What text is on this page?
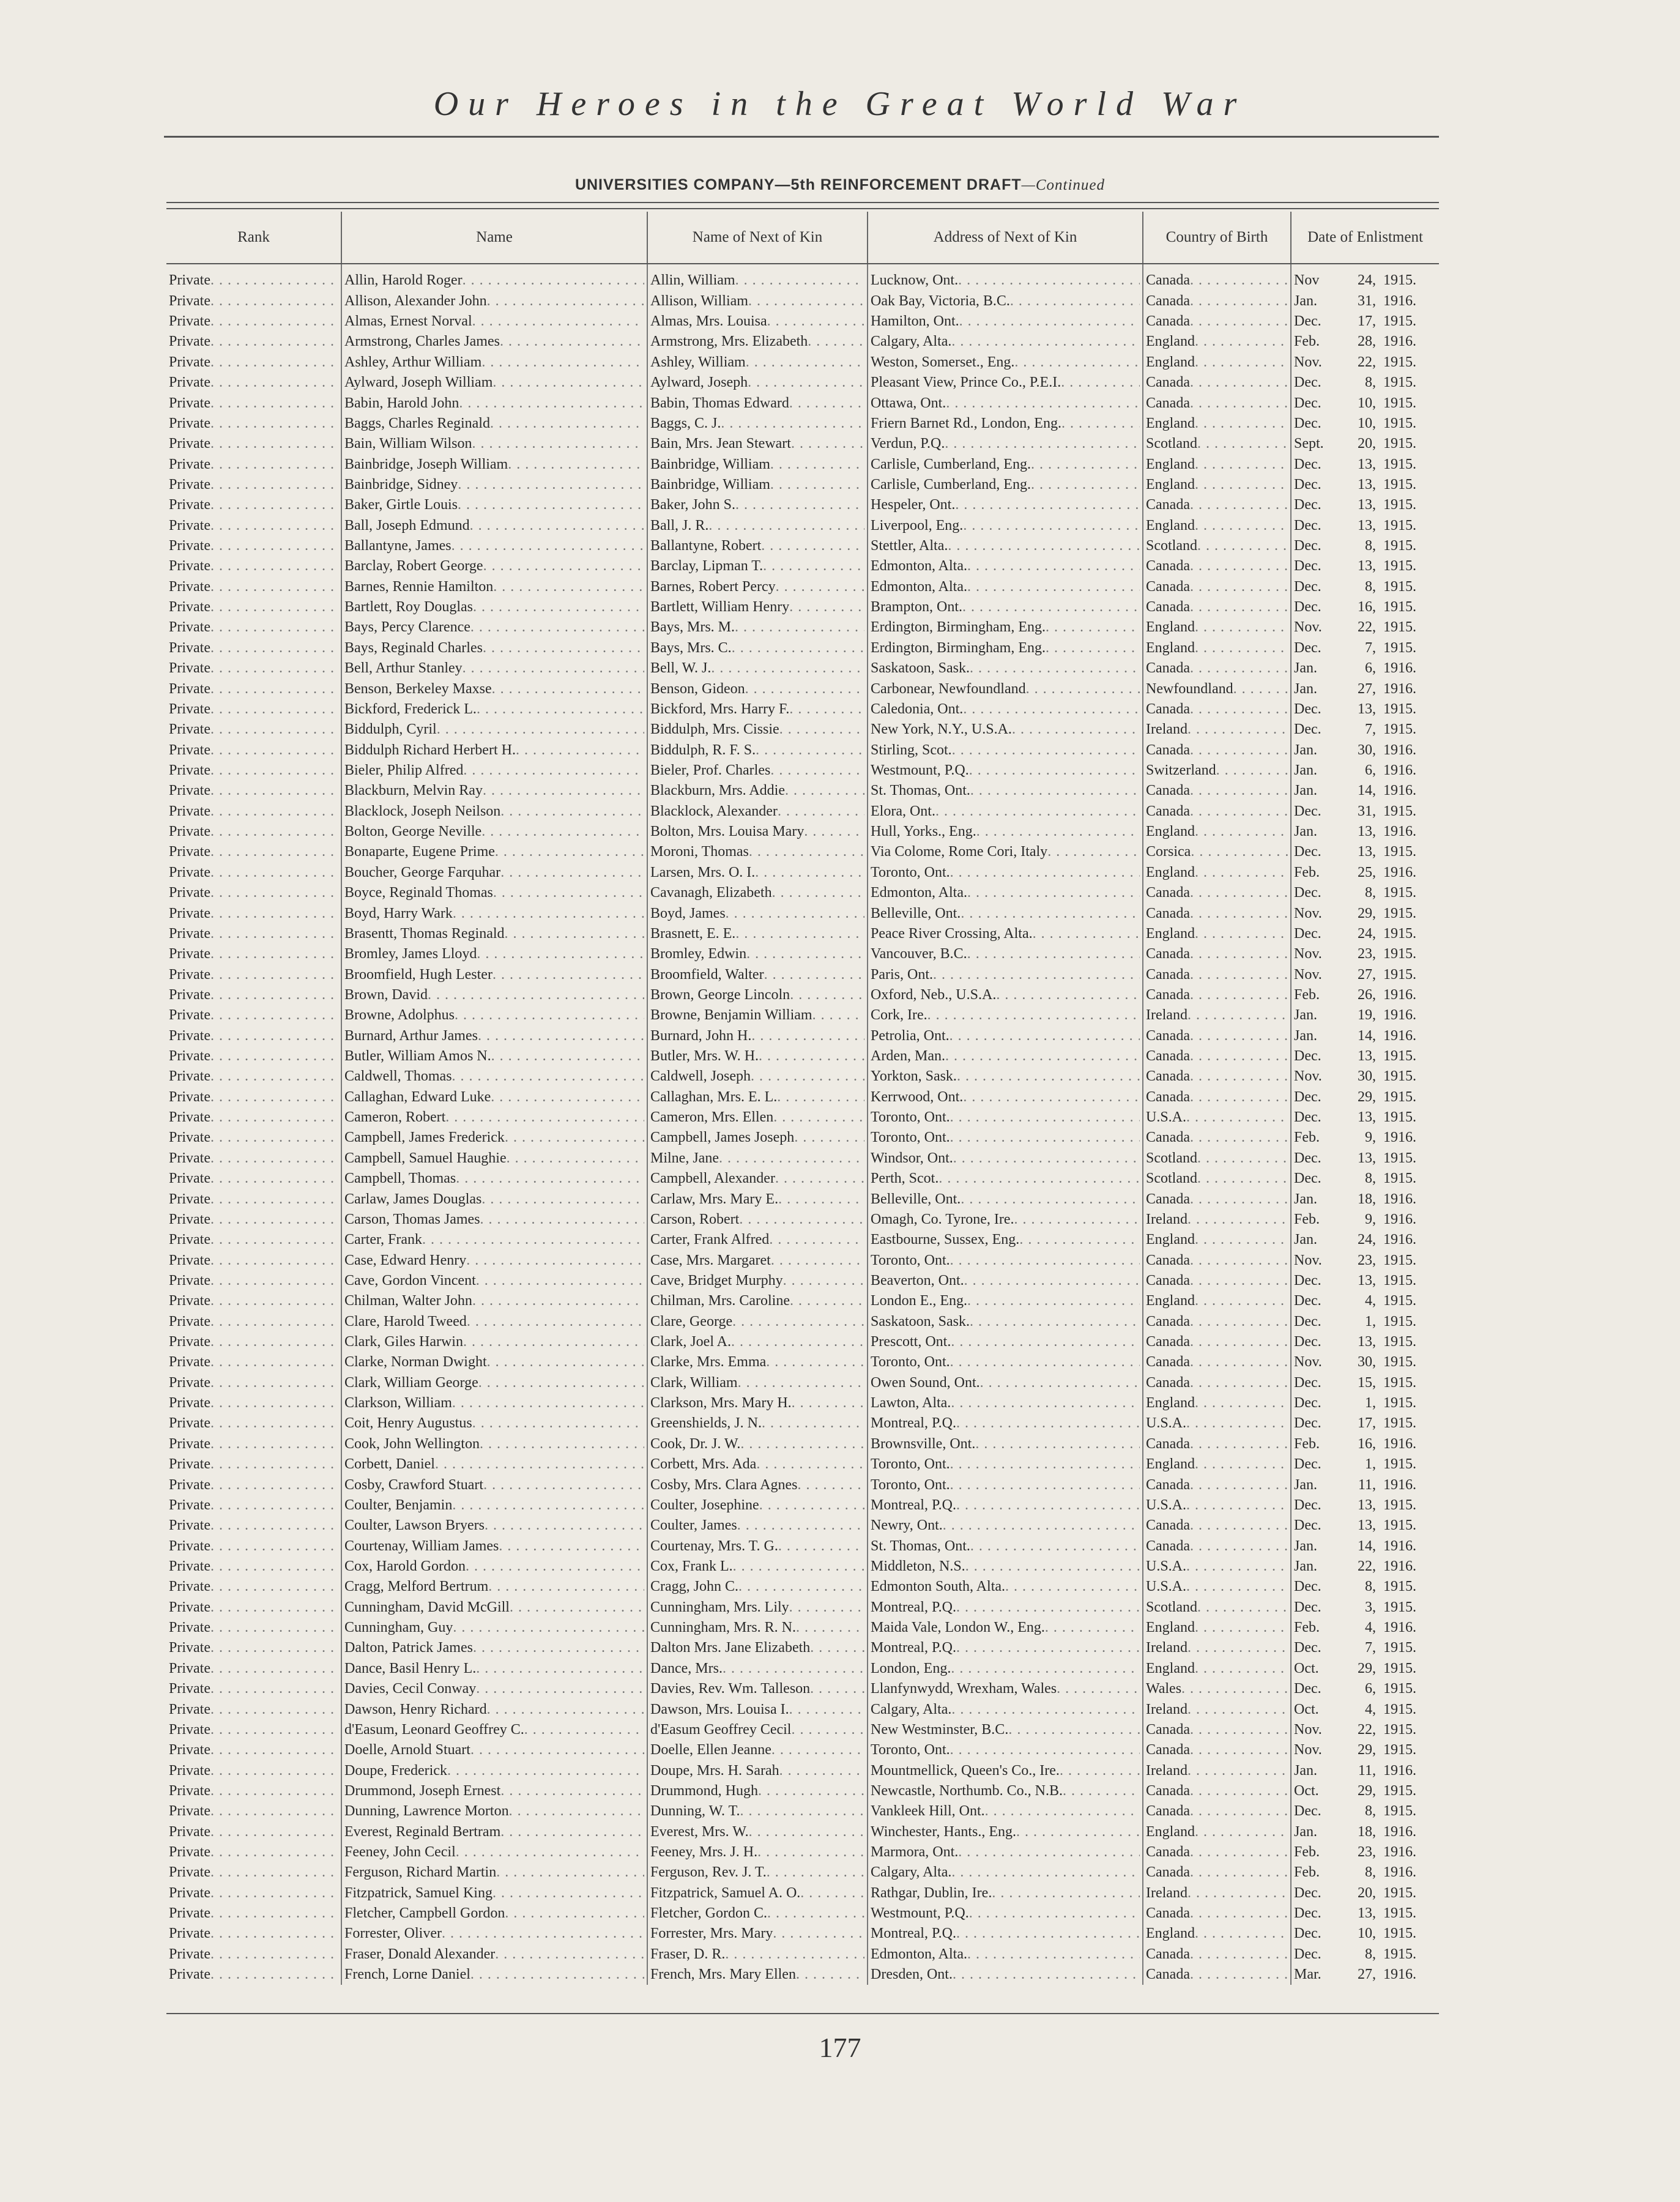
Our Heroes in the Great World War
UNIVERSITIES COMPANY—5th REINFORCEMENT DRAFT—Continued
Rank	Name	Name of Next of Kin	Address of Next of Kin	Country of Birth	Date of Enlistment

Private
. . .	Allin, Harold Roger
. . .	Allin, William
. . .	Lucknow, Ont.
. . .	Canada
. . .	Nov 24, 1915.

Private
. . .	Allison, Alexander John
. . .	Allison, William
. . .	Oak Bay, Victoria, B.C.
. . .	Canada
. . .	Jan. 31, 1916.

Private
. . .	Almas, Ernest Norval
. . .	Almas, Mrs. Louisa
. . .	Hamilton, Ont.
. . .	Canada
. . .	Dec. 17, 1915.

Private
. . .	Armstrong, Charles James
. . .	Armstrong, Mrs. Elizabeth
. . .	Calgary, Alta.
. . .	England
. . .	Feb. 28, 1916.

Private
. . .	Ashley, Arthur William
. . .	Ashley, William
. . .	Weston, Somerset., Eng.
. . .	England
. . .	Nov. 22, 1915.

Private
. . .	Aylward, Joseph William
. . .	Aylward, Joseph
. . .	Pleasant View, Prince Co., P.E.I.
. . .	Canada
. . .	Dec. 8, 1915.

Private
. . .	Babin, Harold John
. . .	Babin, Thomas Edward
. . .	Ottawa, Ont.
. . .	Canada
. . .	Dec. 10, 1915.

Private
. . .	Baggs, Charles Reginald
. . .	Baggs, C. J.
. . .	Friern Barnet Rd., London, Eng.
. . .	England
. . .	Dec. 10, 1915.

Private
. . .	Bain, William Wilson
. . .	Bain, Mrs. Jean Stewart
. . .	Verdun, P.Q.
. . .	Scotland
. . .	Sept. 20, 1915.

Private
. . .	Bainbridge, Joseph William
. . .	Bainbridge, William
. . .	Carlisle, Cumberland, Eng.
. . .	England
. . .	Dec. 13, 1915.

Private
. . .	Bainbridge, Sidney
. . .	Bainbridge, William
. . .	Carlisle, Cumberland, Eng.
. . .	England
. . .	Dec. 13, 1915.

Private
. . .	Baker, Girtle Louis
. . .	Baker, John S.
. . .	Hespeler, Ont.
. . .	Canada
. . .	Dec. 13, 1915.

Private
. . .	Ball, Joseph Edmund
. . .	Ball, J. R.
. . .	Liverpool, Eng.
. . .	England
. . .	Dec. 13, 1915.

Private
. . .	Ballantyne, James
. . .	Ballantyne, Robert
. . .	Stettler, Alta.
. . .	Scotland
. . .	Dec. 8, 1915.

Private
. . .	Barclay, Robert George
. . .	Barclay, Lipman T.
. . .	Edmonton, Alta.
. . .	Canada
. . .	Dec. 13, 1915.

Private
. . .	Barnes, Rennie Hamilton
. . .	Barnes, Robert Percy
. . .	Edmonton, Alta.
. . .	Canada
. . .	Dec. 8, 1915.

Private
. . .	Bartlett, Roy Douglas
. . .	Bartlett, William Henry
. . .	Brampton, Ont.
. . .	Canada
. . .	Dec. 16, 1915.

Private
. . .	Bays, Percy Clarence
. . .	Bays, Mrs. M.
. . .	Erdington, Birmingham, Eng.
. . .	England
. . .	Nov. 22, 1915.

Private
. . .	Bays, Reginald Charles
. . .	Bays, Mrs. C.
. . .	Erdington, Birmingham, Eng.
. . .	England
. . .	Dec. 7, 1915.

Private
. . .	Bell, Arthur Stanley
. . .	Bell, W. J.
. . .	Saskatoon, Sask.
. . .	Canada
. . .	Jan. 6, 1916.

Private
. . .	Benson, Berkeley Maxse
. . .	Benson, Gideon
. . .	Carbonear, Newfoundland
. . .	Newfoundland
. . .	Jan. 27, 1916.

Private
. . .	Bickford, Frederick L.
. . .	Bickford, Mrs. Harry F.
. . .	Caledonia, Ont.
. . .	Canada
. . .	Dec. 13, 1915.

Private
. . .	Biddulph, Cyril
. . .	Biddulph, Mrs. Cissie
. . .	New York, N.Y., U.S.A.
. . .	Ireland
. . .	Dec. 7, 1915.

Private
. . .	Biddulph Richard Herbert H.
. . .	Biddulph, R. F. S.
. . .	Stirling, Scot.
. . .	Canada
. . .	Jan. 30, 1916.

Private
. . .	Bieler, Philip Alfred
. . .	Bieler, Prof. Charles
. . .	Westmount, P.Q.
. . .	Switzerland
. . .	Jan. 6, 1916.

Private
. . .	Blackburn, Melvin Ray
. . .	Blackburn, Mrs. Addie
. . .	St. Thomas, Ont.
. . .	Canada
. . .	Jan. 14, 1916.

Private
. . .	Blacklock, Joseph Neilson
. . .	Blacklock, Alexander
. . .	Elora, Ont.
. . .	Canada
. . .	Dec. 31, 1915.

Private
. . .	Bolton, George Neville
. . .	Bolton, Mrs. Louisa Mary
. . .	Hull, Yorks., Eng.
. . .	England
. . .	Jan. 13, 1916.

Private
. . .	Bonaparte, Eugene Prime
. . .	Moroni, Thomas
. . .	Via Colome, Rome Cori, Italy
. . .	Corsica
. . .	Dec. 13, 1915.

Private
. . .	Boucher, George Farquhar
. . .	Larsen, Mrs. O. I.
. . .	Toronto, Ont.
. . .	England
. . .	Feb. 25, 1916.

Private
. . .	Boyce, Reginald Thomas
. . .	Cavanagh, Elizabeth
. . .	Edmonton, Alta.
. . .	Canada
. . .	Dec. 8, 1915.

Private
. . .	Boyd, Harry Wark
. . .	Boyd, James
. . .	Belleville, Ont.
. . .	Canada
. . .	Nov. 29, 1915.

Private
. . .	Brasentt, Thomas Reginald
. . .	Brasnett, E. E.
. . .	Peace River Crossing, Alta.
. . .	England
. . .	Dec. 24, 1915.

Private
. . .	Bromley, James Lloyd
. . .	Bromley, Edwin
. . .	Vancouver, B.C.
. . .	Canada
. . .	Nov. 23, 1915.

Private
. . .	Broomfield, Hugh Lester
. . .	Broomfield, Walter
. . .	Paris, Ont.
. . .	Canada
. . .	Nov. 27, 1915.

Private
. . .	Brown, David
. . .	Brown, George Lincoln
. . .	Oxford, Neb., U.S.A.
. . .	Canada
. . .	Feb. 26, 1916.

Private
. . .	Browne, Adolphus
. . .	Browne, Benjamin William
. . .	Cork, Ire.
. . .	Ireland
. . .	Jan. 19, 1916.

Private
. . .	Burnard, Arthur James
. . .	Burnard, John H.
. . .	Petrolia, Ont.
. . .	Canada
. . .	Jan. 14, 1916.

Private
. . .	Butler, William Amos N.
. . .	Butler, Mrs. W. H.
. . .	Arden, Man.
. . .	Canada
. . .	Dec. 13, 1915.

Private
. . .	Caldwell, Thomas
. . .	Caldwell, Joseph
. . .	Yorkton, Sask.
. . .	Canada
. . .	Nov. 30, 1915.

Private
. . .	Callaghan, Edward Luke
. . .	Callaghan, Mrs. E. L.
. . .	Kerrwood, Ont.
. . .	Canada
. . .	Dec. 29, 1915.

Private
. . .	Cameron, Robert
. . .	Cameron, Mrs. Ellen
. . .	Toronto, Ont.
. . .	U.S.A.
. . .	Dec. 13, 1915.

Private
. . .	Campbell, James Frederick
. . .	Campbell, James Joseph
. . .	Toronto, Ont.
. . .	Canada
. . .	Feb. 9, 1916.

Private
. . .	Campbell, Samuel Haughie
. . .	Milne, Jane
. . .	Windsor, Ont.
. . .	Scotland
. . .	Dec. 13, 1915.

Private
. . .	Campbell, Thomas
. . .	Campbell, Alexander
. . .	Perth, Scot.
. . .	Scotland
. . .	Dec. 8, 1915.

Private
. . .	Carlaw, James Douglas
. . .	Carlaw, Mrs. Mary E.
. . .	Belleville, Ont.
. . .	Canada
. . .	Jan. 18, 1916.

Private
. . .	Carson, Thomas James
. . .	Carson, Robert
. . .	Omagh, Co. Tyrone, Ire.
. . .	Ireland
. . .	Feb. 9, 1916.

Private
. . .	Carter, Frank
. . .	Carter, Frank Alfred
. . .	Eastbourne, Sussex, Eng.
. . .	England
. . .	Jan. 24, 1916.

Private
. . .	Case, Edward Henry
. . .	Case, Mrs. Margaret
. . .	Toronto, Ont.
. . .	Canada
. . .	Nov. 23, 1915.

Private
. . .	Cave, Gordon Vincent
. . .	Cave, Bridget Murphy
. . .	Beaverton, Ont.
. . .	Canada
. . .	Dec. 13, 1915.

Private
. . .	Chilman, Walter John
. . .	Chilman, Mrs. Caroline
. . .	London E., Eng.
. . .	England
. . .	Dec. 4, 1915.

Private
. . .	Clare, Harold Tweed
. . .	Clare, George
. . .	Saskatoon, Sask.
. . .	Canada
. . .	Dec. 1, 1915.

Private
. . .	Clark, Giles Harwin
. . .	Clark, Joel A.
. . .	Prescott, Ont.
. . .	Canada
. . .	Dec. 13, 1915.

Private
. . .	Clarke, Norman Dwight
. . .	Clarke, Mrs. Emma
. . .	Toronto, Ont.
. . .	Canada
. . .	Nov. 30, 1915.

Private
. . .	Clark, William George
. . .	Clark, William
. . .	Owen Sound, Ont.
. . .	Canada
. . .	Dec. 15, 1915.

Private
. . .	Clarkson, William
. . .	Clarkson, Mrs. Mary H.
. . .	Lawton, Alta.
. . .	England
. . .	Dec. 1, 1915.

Private
. . .	Coit, Henry Augustus
. . .	Greenshields, J. N.
. . .	Montreal, P.Q.
. . .	U.S.A.
. . .	Dec. 17, 1915.

Private
. . .	Cook, John Wellington
. . .	Cook, Dr. J. W.
. . .	Brownsville, Ont.
. . .	Canada
. . .	Feb. 16, 1916.

Private
. . .	Corbett, Daniel
. . .	Corbett, Mrs. Ada
. . .	Toronto, Ont.
. . .	England
. . .	Dec. 1, 1915.

Private
. . .	Cosby, Crawford Stuart
. . .	Cosby, Mrs. Clara Agnes
. . .	Toronto, Ont.
. . .	Canada
. . .	Jan. 11, 1916.

Private
. . .	Coulter, Benjamin
. . .	Coulter, Josephine
. . .	Montreal, P.Q.
. . .	U.S.A.
. . .	Dec. 13, 1915.

Private
. . .	Coulter, Lawson Bryers
. . .	Coulter, James
. . .	Newry, Ont.
. . .	Canada
. . .	Dec. 13, 1915.

Private
. . .	Courtenay, William James
. . .	Courtenay, Mrs. T. G.
. . .	St. Thomas, Ont.
. . .	Canada
. . .	Jan. 14, 1916.

Private
. . .	Cox, Harold Gordon
. . .	Cox, Frank L.
. . .	Middleton, N.S.
. . .	U.S.A.
. . .	Jan. 22, 1916.

Private
. . .	Cragg, Melford Bertrum
. . .	Cragg, John C.
. . .	Edmonton South, Alta.
. . .	U.S.A.
. . .	Dec. 8, 1915.

Private
. . .	Cunningham, David McGill
. . .	Cunningham, Mrs. Lily
. . .	Montreal, P.Q.
. . .	Scotland
. . .	Dec. 3, 1915.

Private
. . .	Cunningham, Guy
. . .	Cunningham, Mrs. R. N.
. . .	Maida Vale, London W., Eng.
. . .	England
. . .	Feb. 4, 1916.

Private
. . .	Dalton, Patrick James
. . .	Dalton Mrs. Jane Elizabeth
. . .	Montreal, P.Q.
. . .	Ireland
. . .	Dec. 7, 1915.

Private
. . .	Dance, Basil Henry L.
. . .	Dance, Mrs.
. . .	London, Eng.
. . .	England
. . .	Oct. 29, 1915.

Private
. . .	Davies, Cecil Conway
. . .	Davies, Rev. Wm. Talleson
. . .	Llanfynwydd, Wrexham, Wales
. . .	Wales
. . .	Dec. 6, 1915.

Private
. . .	Dawson, Henry Richard
. . .	Dawson, Mrs. Louisa I.
. . .	Calgary, Alta.
. . .	Ireland
. . .	Oct. 4, 1915.

Private
. . .	d'Easum, Leonard Geoffrey C.
. . .	d'Easum Geoffrey Cecil
. . .	New Westminster, B.C.
. . .	Canada
. . .	Nov. 22, 1915.

Private
. . .	Doelle, Arnold Stuart
. . .	Doelle, Ellen Jeanne
. . .	Toronto, Ont.
. . .	Canada
. . .	Nov. 29, 1915.

Private
. . .	Doupe, Frederick
. . .	Doupe, Mrs. H. Sarah
. . .	Mountmellick, Queen's Co., Ire.
. . .	Ireland
. . .	Jan. 11, 1916.

Private
. . .	Drummond, Joseph Ernest
. . .	Drummond, Hugh
. . .	Newcastle, Northumb. Co., N.B.
. . .	Canada
. . .	Oct. 29, 1915.

Private
. . .	Dunning, Lawrence Morton
. . .	Dunning, W. T.
. . .	Vankleek Hill, Ont.
. . .	Canada
. . .	Dec. 8, 1915.

Private
. . .	Everest, Reginald Bertram
. . .	Everest, Mrs. W.
. . .	Winchester, Hants., Eng.
. . .	England
. . .	Jan. 18, 1916.

Private
. . .	Feeney, John Cecil
. . .	Feeney, Mrs. J. H.
. . .	Marmora, Ont.
. . .	Canada
. . .	Feb. 23, 1916.

Private
. . .	Ferguson, Richard Martin
. . .	Ferguson, Rev. J. T.
. . .	Calgary, Alta.
. . .	Canada
. . .	Feb. 8, 1916.

Private
. . .	Fitzpatrick, Samuel King
. . .	Fitzpatrick, Samuel A. O.
. . .	Rathgar, Dublin, Ire.
. . .	Ireland
. . .	Dec. 20, 1915.

Private
. . .	Fletcher, Campbell Gordon
. . .	Fletcher, Gordon C.
. . .	Westmount, P.Q.
. . .	Canada
. . .	Dec. 13, 1915.

Private
. . .	Forrester, Oliver
. . .	Forrester, Mrs. Mary
. . .	Montreal, P.Q.
. . .	England
. . .	Dec. 10, 1915.

Private
. . .	Fraser, Donald Alexander
. . .	Fraser, D. R.
. . .	Edmonton, Alta.
. . .	Canada
. . .	Dec. 8, 1915.

Private
. . .	French, Lorne Daniel
. . .	French, Mrs. Mary Ellen
. . .	Dresden, Ont.
. . .	Canada
. . .	Mar. 27, 1916.
177
